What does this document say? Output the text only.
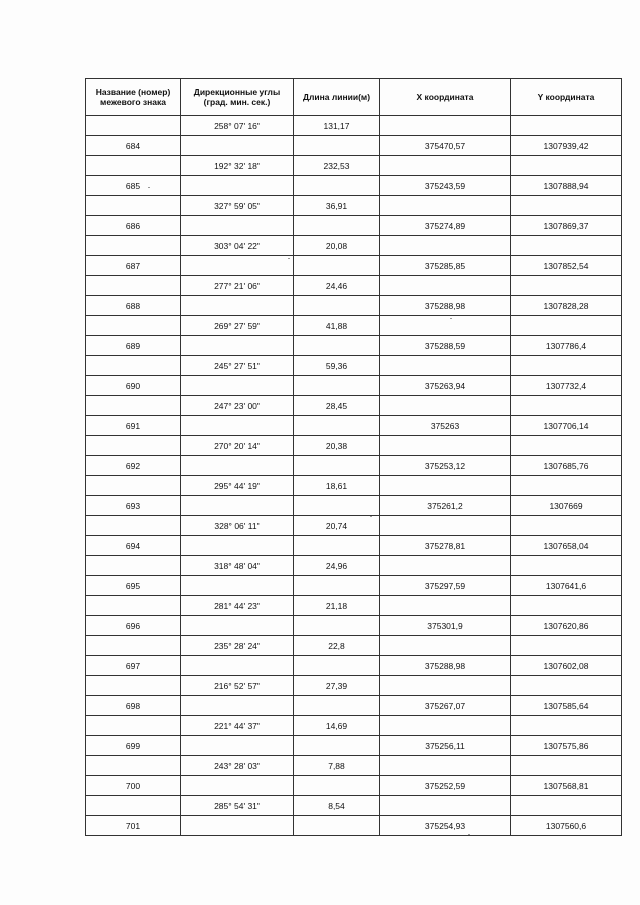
Название (номер) межевого знака	Дирекционные углы (град. мин. сек.)	Длина линии(м)	X координата	Y координата
	258° 07' 16"	131,17		
684			375470,57	1307939,42
	192° 32' 18"	232,53		
685			375243,59	1307888,94
	327° 59' 05"	36,91		
686			375274,89	1307869,37
	303° 04' 22"	20,08		
687			375285,85	1307852,54
	277° 21' 06"	24,46		
688			375288,98	1307828,28
	269° 27' 59"	41,88		
689			375288,59	1307786,4
	245° 27' 51"	59,36		
690			375263,94	1307732,4
	247° 23' 00"	28,45		
691			375263	1307706,14
	270° 20' 14"	20,38		
692			375253,12	1307685,76
	295° 44' 19"	18,61		
693			375261,2	1307669
	328° 06' 11"	20,74		
694			375278,81	1307658,04
	318° 48' 04"	24,96		
695			375297,59	1307641,6
	281° 44' 23"	21,18		
696			375301,9	1307620,86
	235° 28' 24"	22,8		
697			375288,98	1307602,08
	216° 52' 57"	27,39		
698			375267,07	1307585,64
	221° 44' 37"	14,69		
699			375256,11	1307575,86
	243° 28' 03"	7,88		
700			375252,59	1307568,81
	285° 54' 31"	8,54		
701			375254,93	1307560,6
